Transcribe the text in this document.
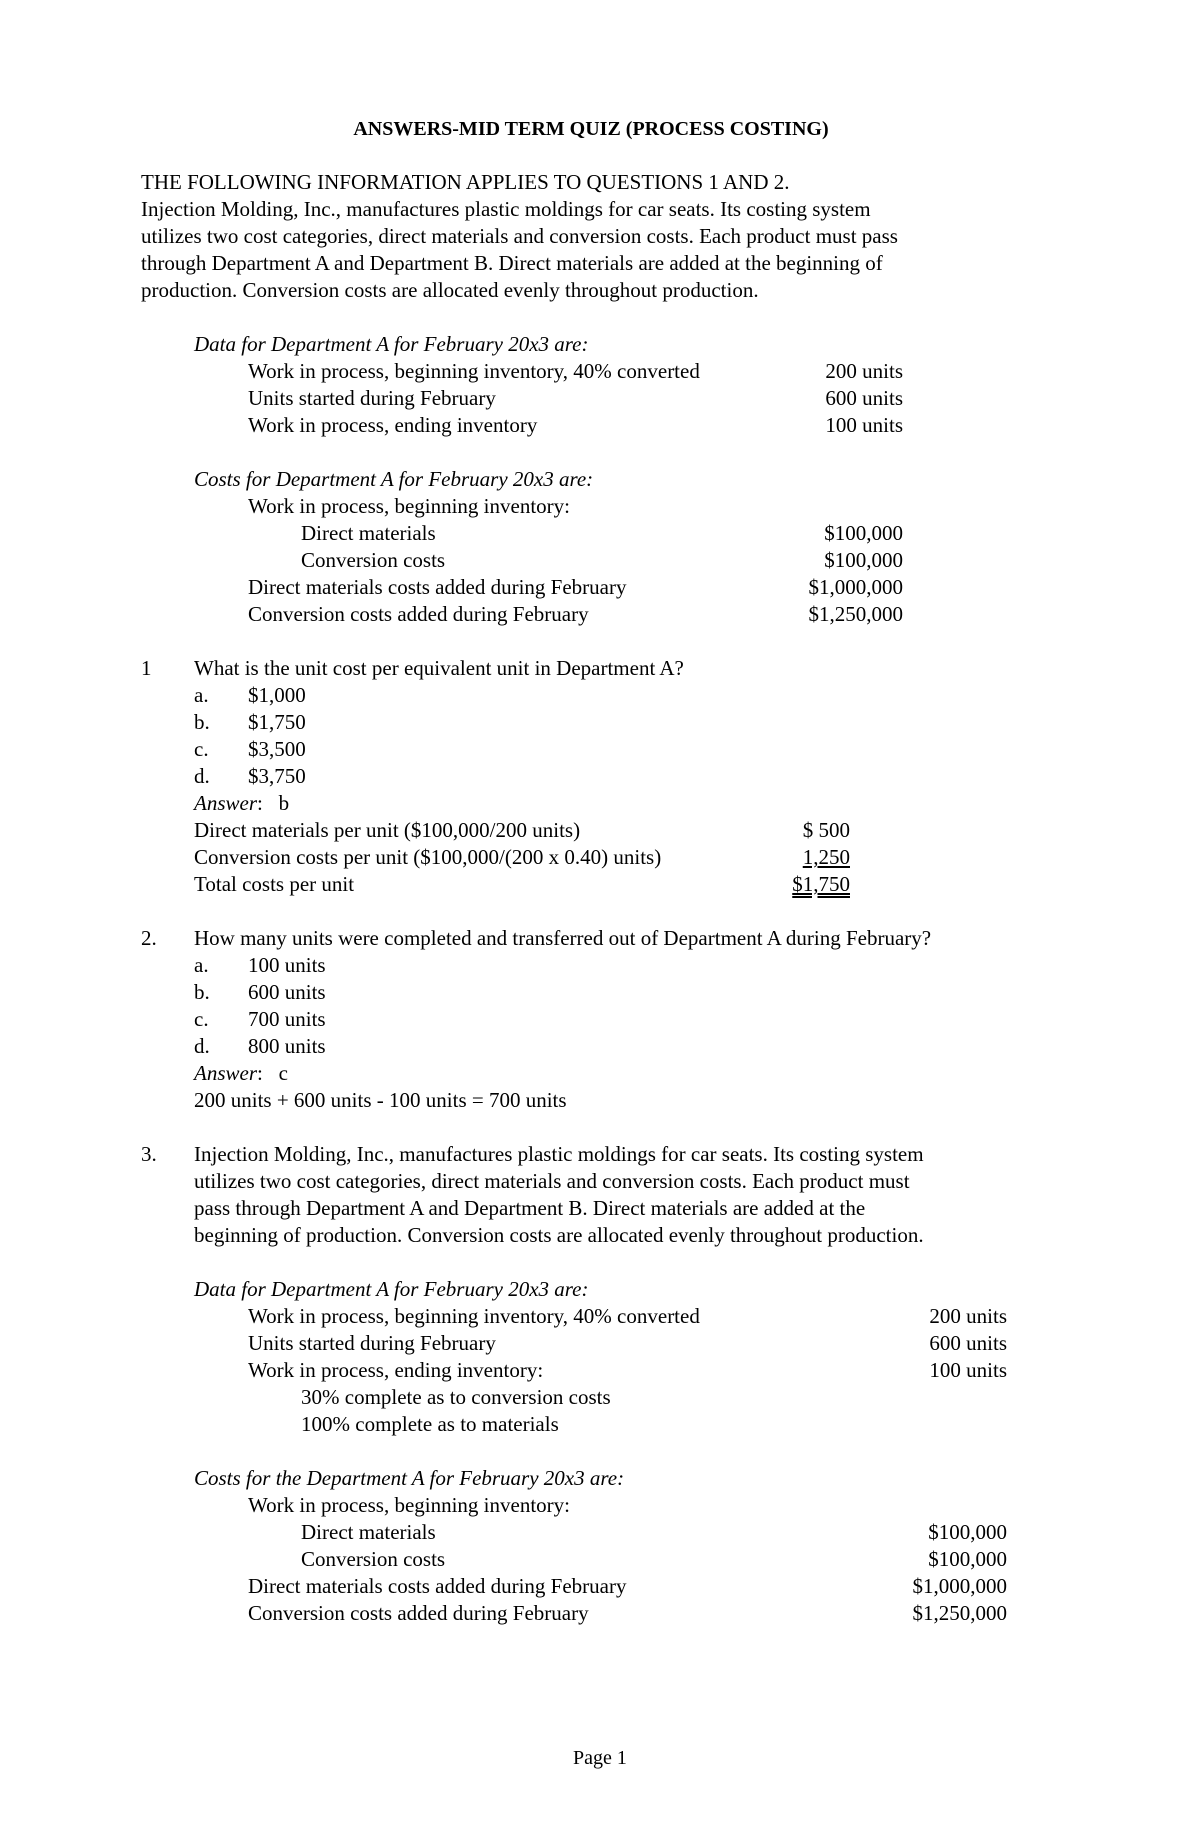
ANSWERS-MID TERM QUIZ (PROCESS COSTING)

THE FOLLOWING INFORMATION APPLIES TO QUESTIONS 1 AND 2.

Injection Molding, Inc., manufactures plastic moldings for car seats. Its costing system

utilizes two cost categories, direct materials and conversion costs. Each product must pass

through Department A and Department B. Direct materials are added at the beginning of

production. Conversion costs are allocated evenly throughout production.

Data for Department A for February 20x3 are:
Work in process, beginning inventory, 40% converted	200 units
Units started during February	600 units
Work in process, ending inventory	100 units
Costs for Department A for February 20x3 are:
Work in process, beginning inventory:
Direct materials	$100,000
Conversion costs	$100,000
Direct materials costs added during February	$1,000,000
Conversion costs added during February	$1,250,000
1	What is the unit cost per equivalent unit in Department A?
a.	$1,000
b.	$1,750
c.	$3,500
d.	$3,750
Answer:   b
Direct materials per unit ($100,000/200 units)	$ 500
Conversion costs per unit ($100,000/(200 x 0.40) units)	1,250
Total costs per unit	$1,750
2.	How many units were completed and transferred out of Department A during February?
a.	100 units
b.	600 units
c.	700 units
d.	800 units
Answer:   c
200 units + 600 units - 100 units = 700 units
3.	Injection Molding, Inc., manufactures plastic moldings for car seats. Its costing system
utilizes two cost categories, direct materials and conversion costs. Each product must
pass through Department A and Department B. Direct materials are added at the
beginning of production. Conversion costs are allocated evenly throughout production.
Data for Department A for February 20x3 are:
Work in process, beginning inventory, 40% converted	200 units
Units started during February	600 units
Work in process, ending inventory:	100 units
30% complete as to conversion costs
100% complete as to materials
Costs for the Department A for February 20x3 are:
Work in process, beginning inventory:
Direct materials	$100,000
Conversion costs	$100,000
Direct materials costs added during February	$1,000,000
Conversion costs added during February	$1,250,000
Page 1
